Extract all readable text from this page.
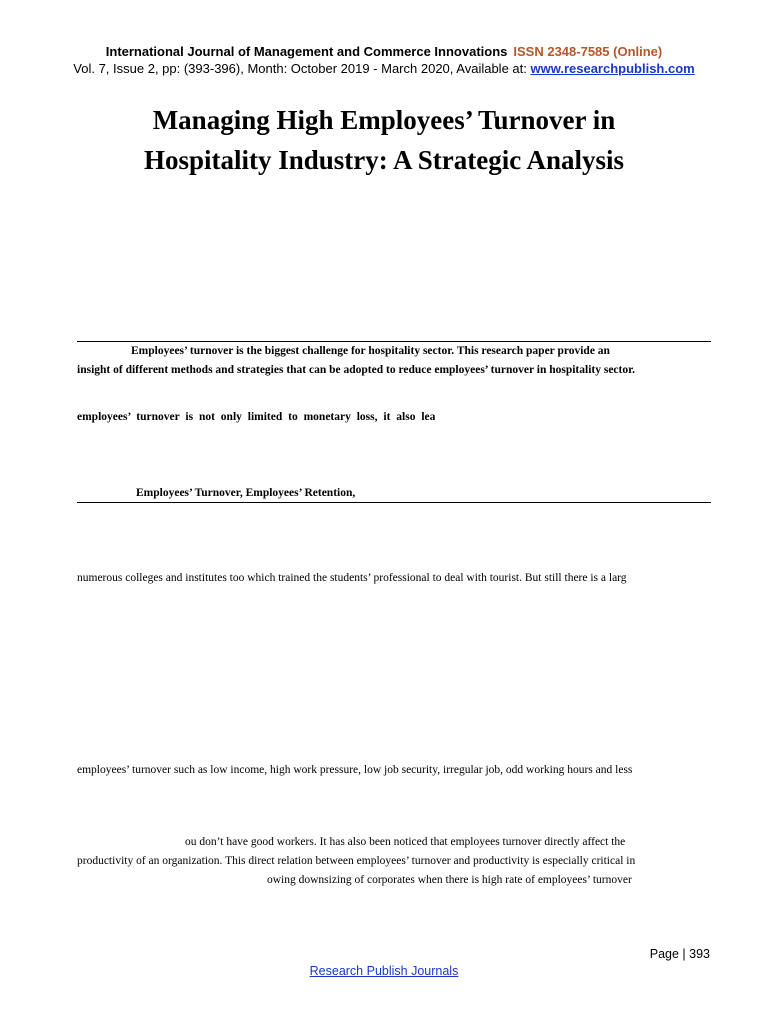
International Journal of Management and Commerce Innovations ISSN 2348-7585 (Online)
Vol. 7, Issue 2, pp: (393-396), Month: October 2019 - March 2020, Available at: www.researchpublish.com
Managing High Employees’ Turnover in
Hospitality Industry: A Strategic Analysis
Employees’ turnover is the biggest challenge for hospitality sector. This research paper provide an
insight of different methods and strategies that can be adopted to reduce employees’ turnover in hospitality sector.
employees’ turnover is not only limited to monetary loss, it also lea
Employees’ Turnover, Employees’ Retention,
numerous colleges and institutes too which trained the students’ professional to deal with tourist. But still there is a larg
employees’ turnover such as low income, high work pressure, low job security, irregular job, odd working hours and less
ou don’t have good workers. It has also been noticed that employees turnover directly affect the
productivity of an organization. This direct relation between employees’ turnover and productivity is especially critical in
owing downsizing of corporates when there is high rate of employees’ turnover
Page | 393
Research Publish Journals
